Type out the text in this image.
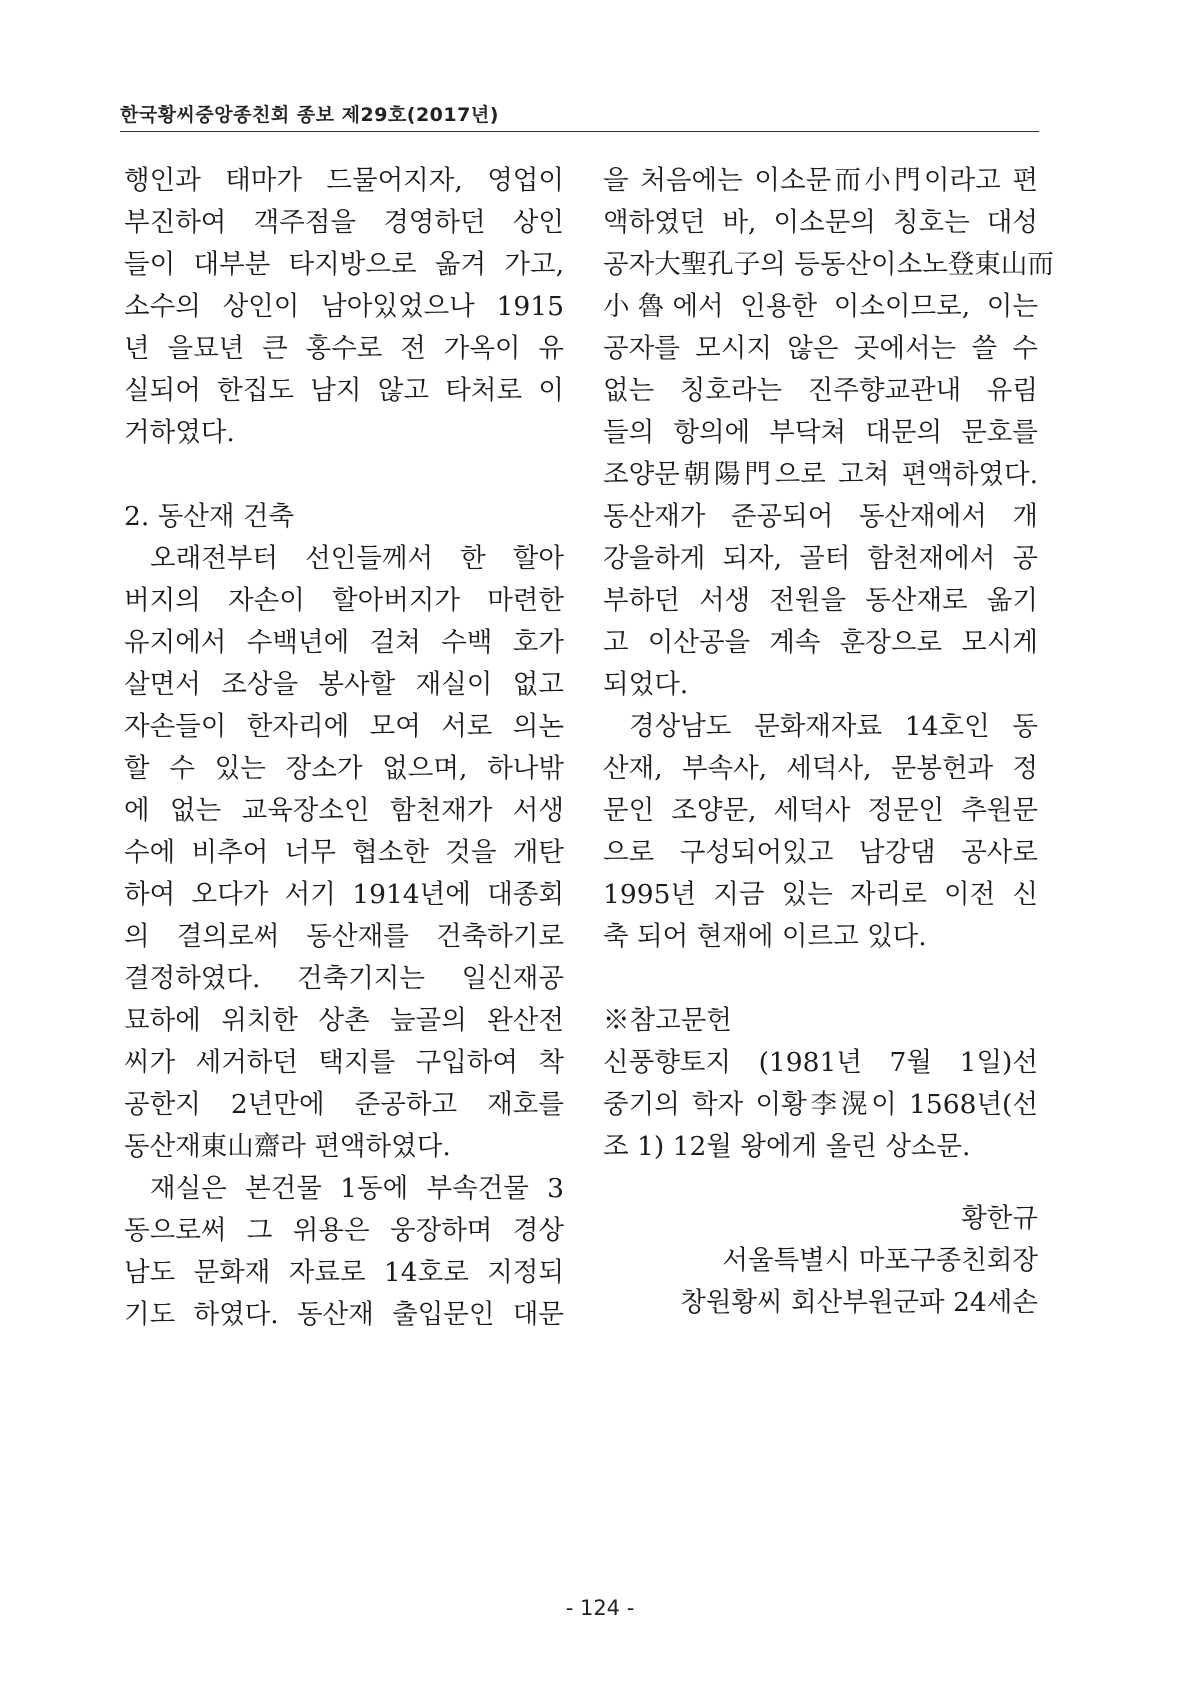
한국황씨중앙종친회 종보 제29호(2017년)
행인과 태마가 드물어지자, 영업이
부진하여 객주점을 경영하던 상인
들이 대부분 타지방으로 옮겨 가고,
소수의 상인이 남아있었으나 1915
년 을묘년 큰 홍수로 전 가옥이 유
실되어 한집도 남지 않고 타처로 이
거하였다.
2. 동산재 건축
오래전부터 선인들께서 한 할아
버지의 자손이 할아버지가 마련한
유지에서 수백년에 걸쳐 수백 호가
살면서 조상을 봉사할 재실이 없고
자손들이 한자리에 모여 서로 의논
할 수 있는 장소가 없으며, 하나밖
에 없는 교육장소인 함천재가 서생
수에 비추어 너무 협소한 것을 개탄
하여 오다가 서기 1914년에 대종회
의 결의로써 동산재를 건축하기로
결정하였다. 건축기지는 일신재공
묘하에 위치한 상촌 늪골의 완산전
씨가 세거하던 택지를 구입하여 착
공한지 2년만에 준공하고 재호를
동산재東山齋라 편액하였다.
재실은 본건물 1동에 부속건물 3
동으로써 그 위용은 웅장하며 경상
남도 문화재 자료로 14호로 지정되
기도 하였다. 동산재 출입문인 대문
을 처음에는 이소문而小門이라고 편
액하였던 바, 이소문의 칭호는 대성
공자大聖孔子의 등동산이소노登東山而
小魯에서 인용한 이소이므로, 이는
공자를 모시지 않은 곳에서는 쓸 수
없는 칭호라는 진주향교관내 유림
들의 항의에 부닥쳐 대문의 문호를
조양문朝陽門으로 고쳐 편액하였다.
동산재가 준공되어 동산재에서 개
강을하게 되자, 골터 함천재에서 공
부하던 서생 전원을 동산재로 옮기
고 이산공을 계속 훈장으로 모시게
되었다.
경상남도 문화재자료 14호인 동
산재, 부속사, 세덕사, 문봉헌과 정
문인 조양문, 세덕사 정문인 추원문
으로 구성되어있고 남강댐 공사로
1995년 지금 있는 자리로 이전 신
축 되어 현재에 이르고 있다.
※참고문헌
신풍향토지 (1981년 7월 1일)선
중기의 학자 이황李滉이 1568년(선
조 1) 12월 왕에게 올린 상소문.
황한규
서울특별시 마포구종친회장
창원황씨 회산부원군파 24세손
- 124 -
